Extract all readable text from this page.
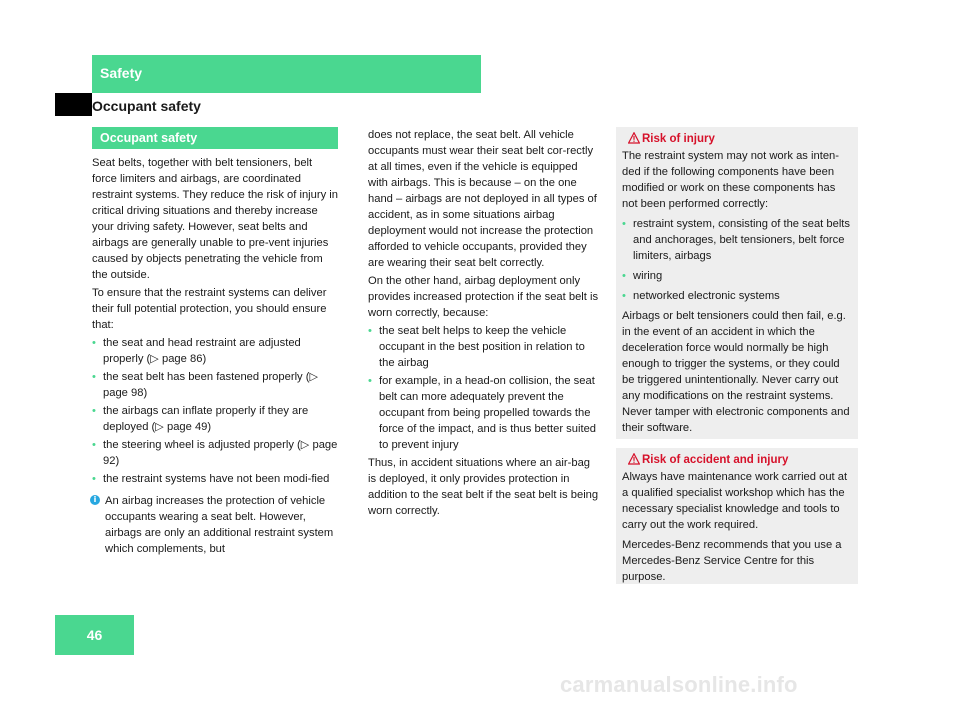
Safety
Occupant safety
Occupant safety

Seat belts, together with belt tensioners, belt force limiters and airbags, are coordinated restraint systems. They reduce the risk of injury in critical driving situations and thereby increase your driving safety. However, seat belts and airbags are generally unable to pre-vent injuries caused by objects penetrating the vehicle from the outside.

To ensure that the restraint systems can deliver their full potential protection, you should ensure that:

• the seat and head restraint are adjusted properly (▷ page 86)
• the seat belt has been fastened properly (▷ page 98)
• the airbags can inflate properly if they are deployed (▷ page 49)
• the steering wheel is adjusted properly (▷ page 92)
• the restraint systems have not been modi-fied
i An airbag increases the protection of vehicle occupants wearing a seat belt. However, airbags are only an additional restraint system which complements, but

does not replace, the seat belt. All vehicle occupants must wear their seat belt cor-rectly at all times, even if the vehicle is equipped with airbags. This is because – on the one hand – airbags are not deployed in all types of accident, as in some situations airbag deployment would not increase the protection afforded to vehicle occupants, provided they are wearing their seat belt correctly.

On the other hand, airbag deployment only provides increased protection if the seat belt is worn correctly, because:

• the seat belt helps to keep the vehicle occupant in the best position in relation to the airbag
• for example, in a head-on collision, the seat belt can more adequately prevent the occupant from being propelled towards the force of the impact, and is thus better suited to prevent injury

Thus, in accident situations where an air-bag is deployed, it only provides protection in addition to the seat belt if the seat belt is being worn correctly.

Risk of injury

The restraint system may not work as inten-ded if the following components have been modified or work on these components has not been performed correctly:

• restraint system, consisting of the seat belts and anchorages, belt tensioners, belt force limiters, airbags
• wiring
• networked electronic systems

Airbags or belt tensioners could then fail, e.g. in the event of an accident in which the deceleration force would normally be high enough to trigger the systems, or they could be triggered unintentionally. Never carry out any modifications on the restraint systems. Never tamper with electronic components and their software.

Risk of accident and injury

Always have maintenance work carried out at a qualified specialist workshop which has the necessary specialist knowledge and tools to carry out the work required.

Mercedes-Benz recommends that you use a Mercedes-Benz Service Centre for this purpose.

46
carmanualsonline.info
